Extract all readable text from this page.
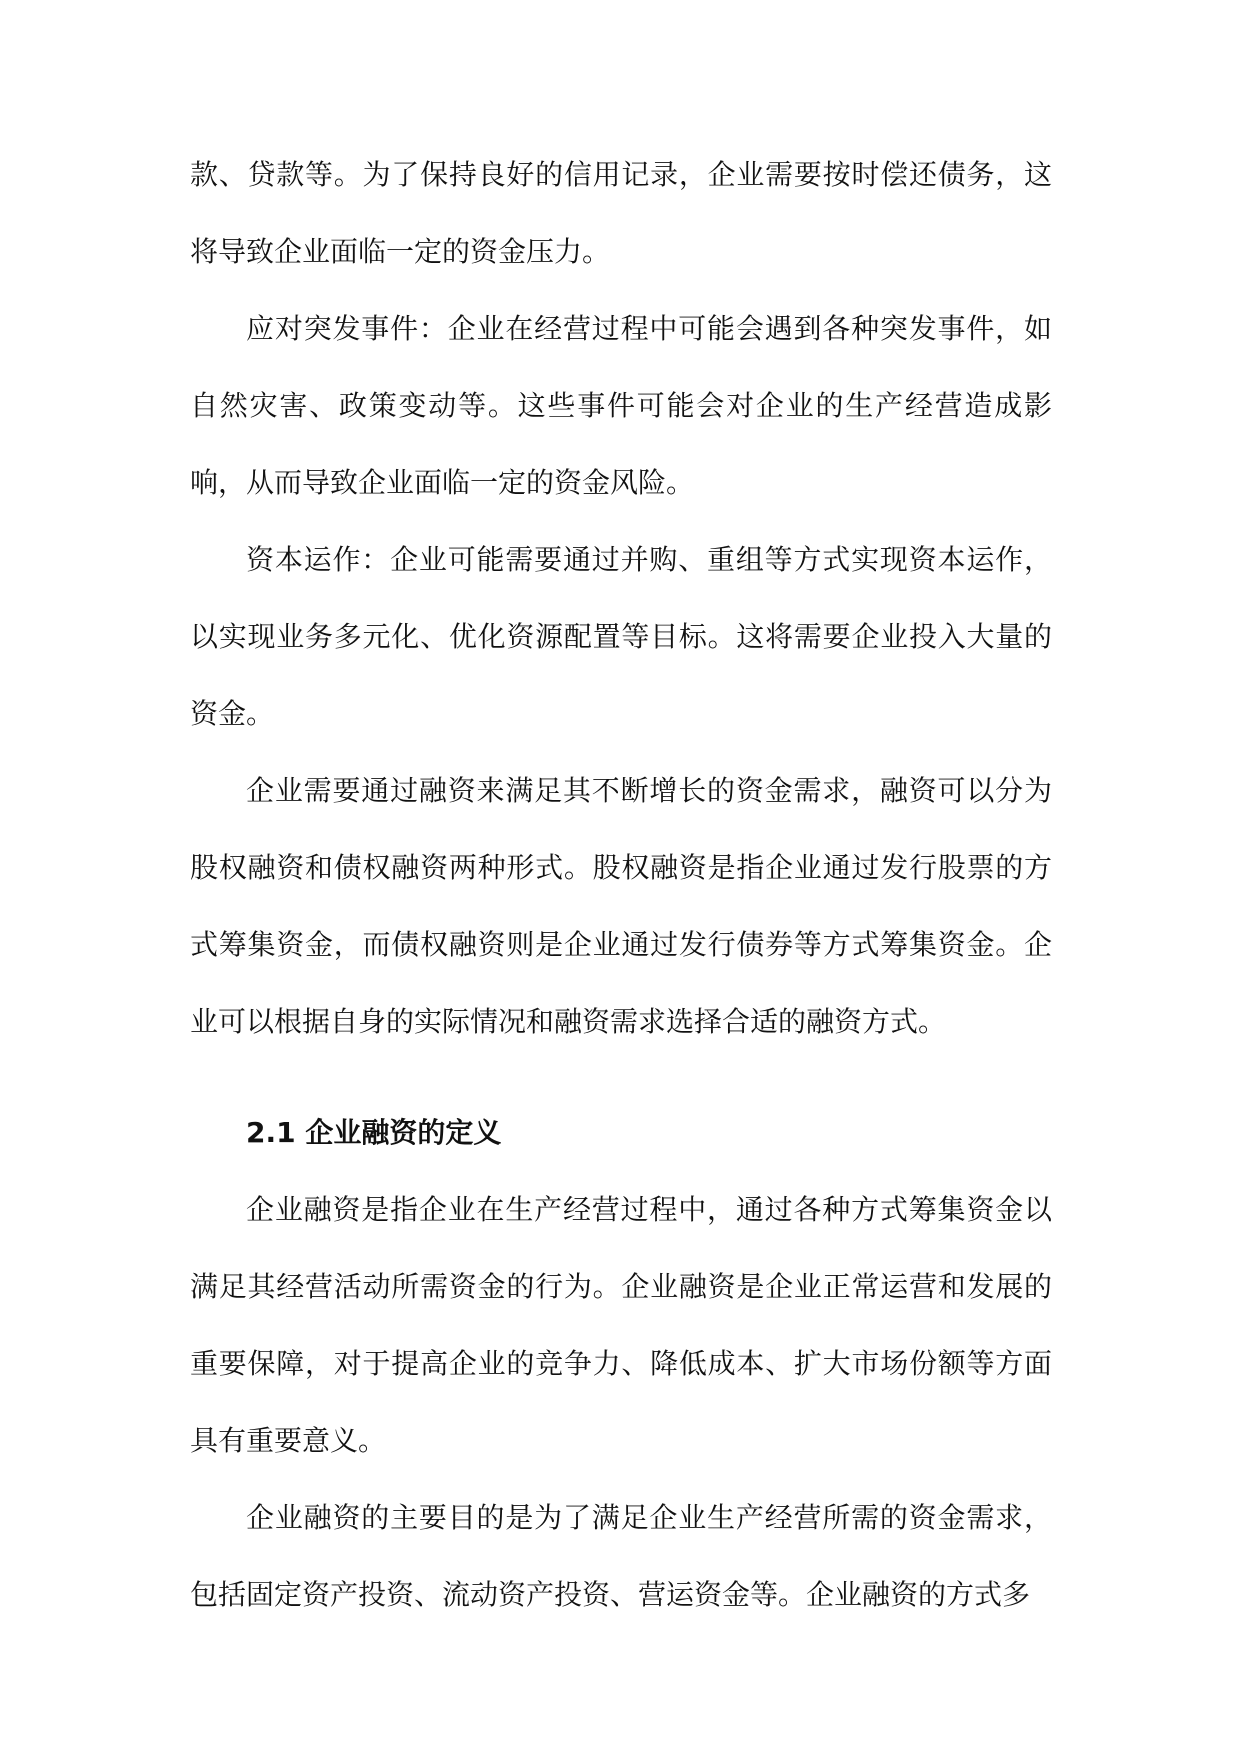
款、贷款等。为了保持良好的信用记录，企业需要按时偿还债务，这将导致企业面临一定的资金压力。

应对突发事件：企业在经营过程中可能会遇到各种突发事件，如自然灾害、政策变动等。这些事件可能会对企业的生产经营造成影响，从而导致企业面临一定的资金风险。

资本运作：企业可能需要通过并购、重组等方式实现资本运作，以实现业务多元化、优化资源配置等目标。这将需要企业投入大量的资金。

企业需要通过融资来满足其不断增长的资金需求，融资可以分为股权融资和债权融资两种形式。股权融资是指企业通过发行股票的方式筹集资金，而债权融资则是企业通过发行债券等方式筹集资金。企业可以根据自身的实际情况和融资需求选择合适的融资方式。

2.1 企业融资的定义

企业融资是指企业在生产经营过程中，通过各种方式筹集资金以满足其经营活动所需资金的行为。企业融资是企业正常运营和发展的重要保障，对于提高企业的竞争力、降低成本、扩大市场份额等方面具有重要意义。

企业融资的主要目的是为了满足企业生产经营所需的资金需求，包括固定资产投资、流动资产投资、营运资金等。企业融资的方式多
